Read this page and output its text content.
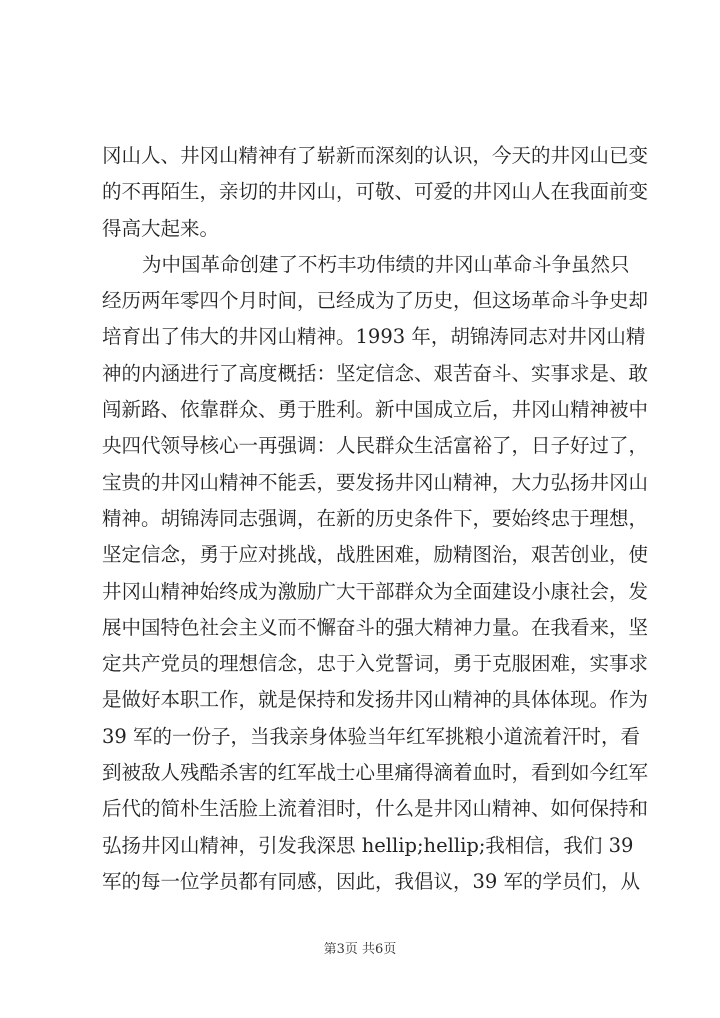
冈山人、井冈山精神有了崭新而深刻的认识，今天的井冈山已变
的不再陌生，亲切的井冈山，可敬、可爱的井冈山人在我面前变
得高大起来。
为中国革命创建了不朽丰功伟绩的井冈山革命斗争虽然只
经历两年零四个月时间，已经成为了历史，但这场革命斗争史却
培育出了伟大的井冈山精神。1993 年，胡锦涛同志对井冈山精
神的内涵进行了高度概括：坚定信念、艰苦奋斗、实事求是、敢
闯新路、依靠群众、勇于胜利。新中国成立后，井冈山精神被中
央四代领导核心一再强调：人民群众生活富裕了，日子好过了，
宝贵的井冈山精神不能丢，要发扬井冈山精神，大力弘扬井冈山
精神。胡锦涛同志强调，在新的历史条件下，要始终忠于理想，
坚定信念，勇于应对挑战，战胜困难，励精图治，艰苦创业，使
井冈山精神始终成为激励广大干部群众为全面建设小康社会，发
展中国特色社会主义而不懈奋斗的强大精神力量。在我看来，坚
定共产党员的理想信念，忠于入党誓词，勇于克服困难，实事求
是做好本职工作，就是保持和发扬井冈山精神的具体体现。作为
39 军的一份子，当我亲身体验当年红军挑粮小道流着汗时，看
到被敌人残酷杀害的红军战士心里痛得滴着血时，看到如今红军
后代的简朴生活脸上流着泪时，什么是井冈山精神、如何保持和
弘扬井冈山精神，引发我深思 hellip;hellip;我相信，我们 39
军的每一位学员都有同感，因此，我倡议，39 军的学员们，从
第3页 共6页
